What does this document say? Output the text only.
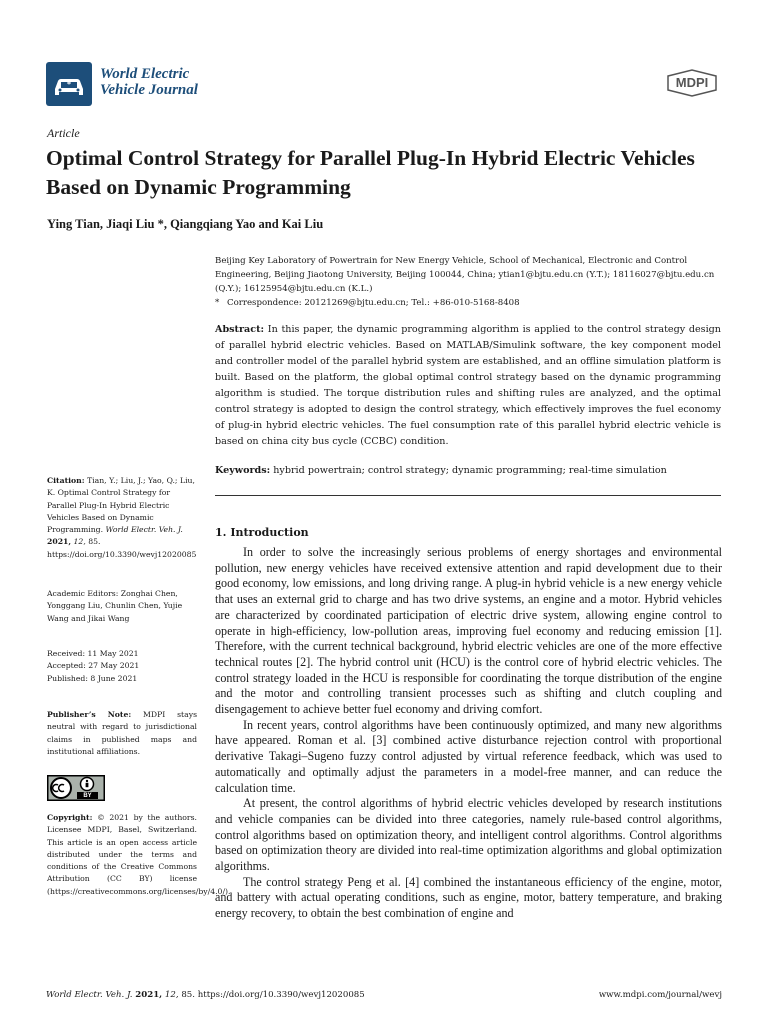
World Electric
Vehicle Journal	MDPI
Article
Optimal Control Strategy for Parallel Plug-In Hybrid Electric Vehicles Based on Dynamic Programming
Ying Tian, Jiaqi Liu *, Qiangqiang Yao and Kai Liu

Beijing Key Laboratory of Powertrain for New Energy Vehicle, School of Mechanical, Electronic and Control Engineering, Beijing Jiaotong University, Beijing 100044, China; ytian1@bjtu.edu.cn (Y.T.); 18116027@bjtu.edu.cn (Q.Y.); 16125954@bjtu.edu.cn (K.L.)

* Correspondence: 20121269@bjtu.edu.cn; Tel.: +86-010-5168-8408

Abstract: In this paper, the dynamic programming algorithm is applied to the control strategy design of parallel hybrid electric vehicles. Based on MATLAB/Simulink software, the key component model and controller model of the parallel hybrid system are established, and an offline simulation platform is built. Based on the platform, the global optimal control strategy based on the dynamic programming algorithm is studied. The torque distribution rules and shifting rules are analyzed, and the optimal control strategy is adopted to design the control strategy, which effectively improves the fuel economy of plug-in hybrid electric vehicles. The fuel consumption rate of this parallel hybrid electric vehicle is based on china city bus cycle (CCBC) condition.
Keywords: hybrid powertrain; control strategy; dynamic programming; real-time simulation
Citation: Tian, Y.; Liu, J.; Yao, Q.; Liu, K. Optimal Control Strategy for Parallel Plug-In Hybrid Electric Vehicles Based on Dynamic Programming. World Electr. Veh. J. 2021, 12, 85. https://doi.org/10.3390/wevj12020085
Academic Editors: Zonghai Chen, Yonggang Liu, Chunlin Chen, Yujie Wang and Jikai Wang
Received: 11 May 2021
Accepted: 27 May 2021
Published: 8 June 2021
Publisher’s Note: MDPI stays neutral with regard to jurisdictional claims in published maps and institutional affiliations.
BY
Copyright: © 2021 by the authors. Licensee MDPI, Basel, Switzerland. This article is an open access article distributed under the terms and conditions of the Creative Commons Attribution (CC BY) license (https://creativecommons.org/licenses/by/4.0/).
1. Introduction

In order to solve the increasingly serious problems of energy shortages and environmental pollution, new energy vehicles have received extensive attention and rapid development due to their good economy, low emissions, and long driving range. A plug-in hybrid vehicle is a new energy vehicle that uses an external grid to charge and has two drive systems, an engine and a motor. Hybrid vehicles are characterized by coordinated participation of electric drive system, allowing engine control to operate in high-efficiency, low-pollution areas, improving fuel economy and reducing emission [1]. Therefore, with the current technical background, hybrid electric vehicles are one of the more effective technical routes [2]. The hybrid control unit (HCU) is the control core of hybrid electric vehicles. The control strategy loaded in the HCU is responsible for coordinating the torque distribution of the engine and the motor and controlling transient processes such as shifting and clutch coupling and disengagement to achieve better fuel economy and driving comfort.

In recent years, control algorithms have been continuously optimized, and many new algorithms have appeared. Roman et al. [3] combined active disturbance rejection control with proportional derivative Takagi–Sugeno fuzzy control adjusted by virtual reference feedback, which was used to automatically and optimally adjust the parameters in a model-free manner, and can reduce the calculation time.

At present, the control algorithms of hybrid electric vehicles developed by research institutions and vehicle companies can be divided into three categories, namely rule-based control algorithms, control algorithms based on optimization theory, and intelligent control algorithms. Control algorithms based on optimization theory are divided into real-time optimization algorithms and global optimization algorithms.

The control strategy Peng et al. [4] combined the instantaneous efficiency of the engine, motor, and battery with actual operating conditions, such as engine, motor, battery temperature, and braking energy recovery, to obtain the best combination of engine and

World Electr. Veh. J. 2021, 12, 85. https://doi.org/10.3390/wevj12020085	www.mdpi.com/journal/wevj
